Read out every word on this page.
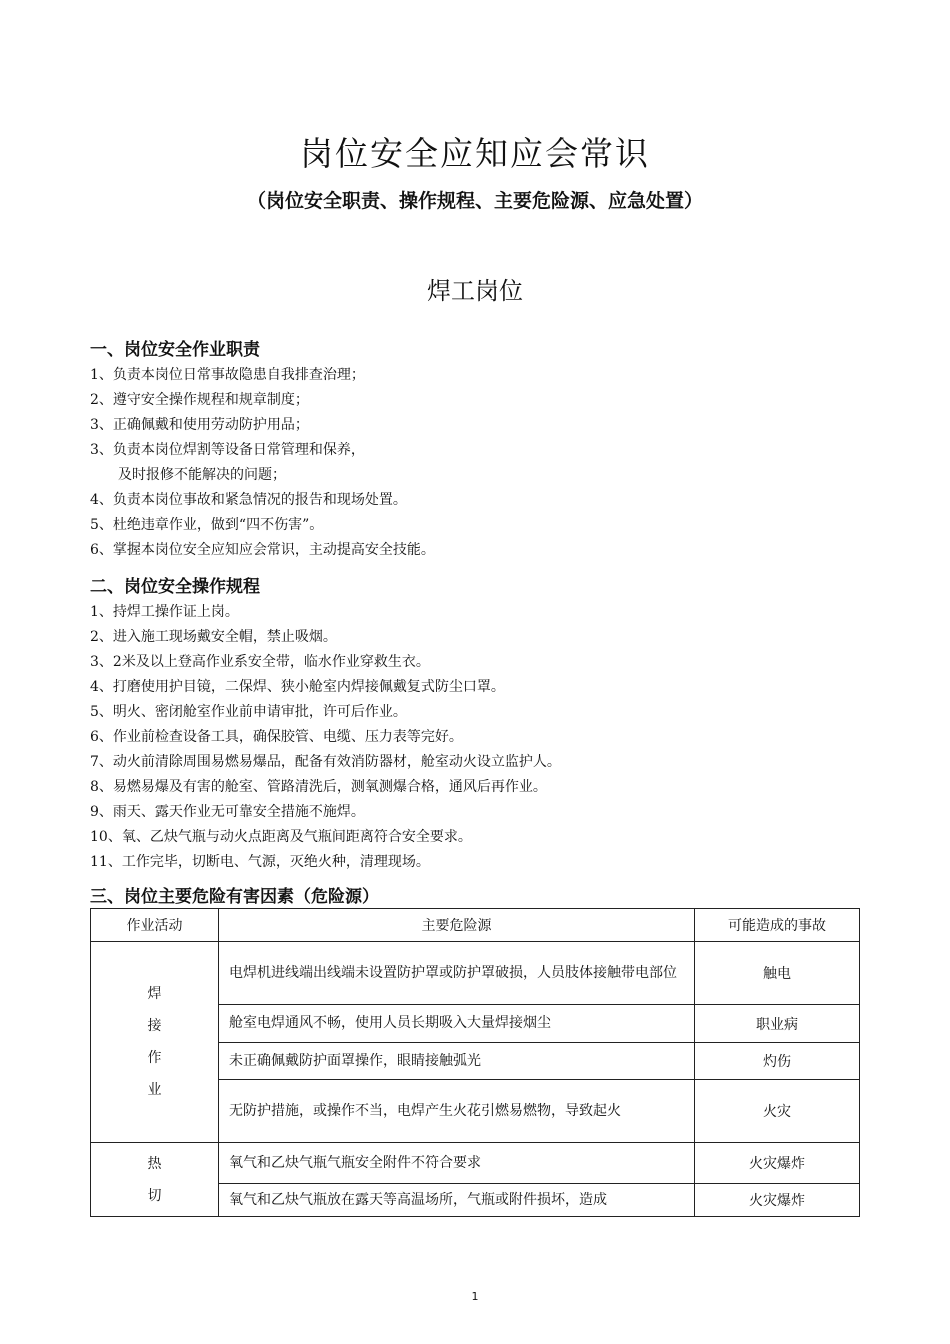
岗位安全应知应会常识
（岗位安全职责、操作规程、主要危险源、应急处置）
焊工岗位
一、岗位安全作业职责
1、负责本岗位日常事故隐患自我排查治理；
2、遵守安全操作规程和规章制度；
3、正确佩戴和使用劳动防护用品；
3、负责本岗位焊割等设备日常管理和保养，
及时报修不能解决的问题；
4、负责本岗位事故和紧急情况的报告和现场处置。
5、杜绝违章作业，做到“四不伤害”。
6、掌握本岗位安全应知应会常识，主动提高安全技能。
二、岗位安全操作规程
1、持焊工操作证上岗。
2、进入施工现场戴安全帽，禁止吸烟。
3、2米及以上登高作业系安全带，临水作业穿救生衣。
4、打磨使用护目镜，二保焊、狭小舱室内焊接佩戴复式防尘口罩。
5、明火、密闭舱室作业前申请审批，许可后作业。
6、作业前检查设备工具，确保胶管、电缆、压力表等完好。
7、动火前清除周围易燃易爆品，配备有效消防器材，舱室动火设立监护人。
8、易燃易爆及有害的舱室、管路清洗后，测氧测爆合格，通风后再作业。
9、雨天、露天作业无可靠安全措施不施焊。
10、氧、乙炔气瓶与动火点距离及气瓶间距离符合安全要求。
11、工作完毕，切断电、气源，灭绝火种，清理现场。
三、岗位主要危险有害因素（危险源）
作业活动	主要危险源	可能造成的事故

焊
接
作
业	电焊机进线端出线端未设置防护罩或防护罩破损，人员肢体接触带电部位	触电
	舱室电焊通风不畅，使用人员长期吸入大量焊接烟尘	职业病
	未正确佩戴防护面罩操作，眼睛接触弧光	灼伤
	无防护措施，或操作不当，电焊产生火花引燃易燃物，导致起火	火灾

热
切	氧气和乙炔气瓶气瓶安全附件不符合要求	火灾爆炸
	氧气和乙炔气瓶放在露天等高温场所，气瓶或附件损坏，造成	火灾爆炸
1
